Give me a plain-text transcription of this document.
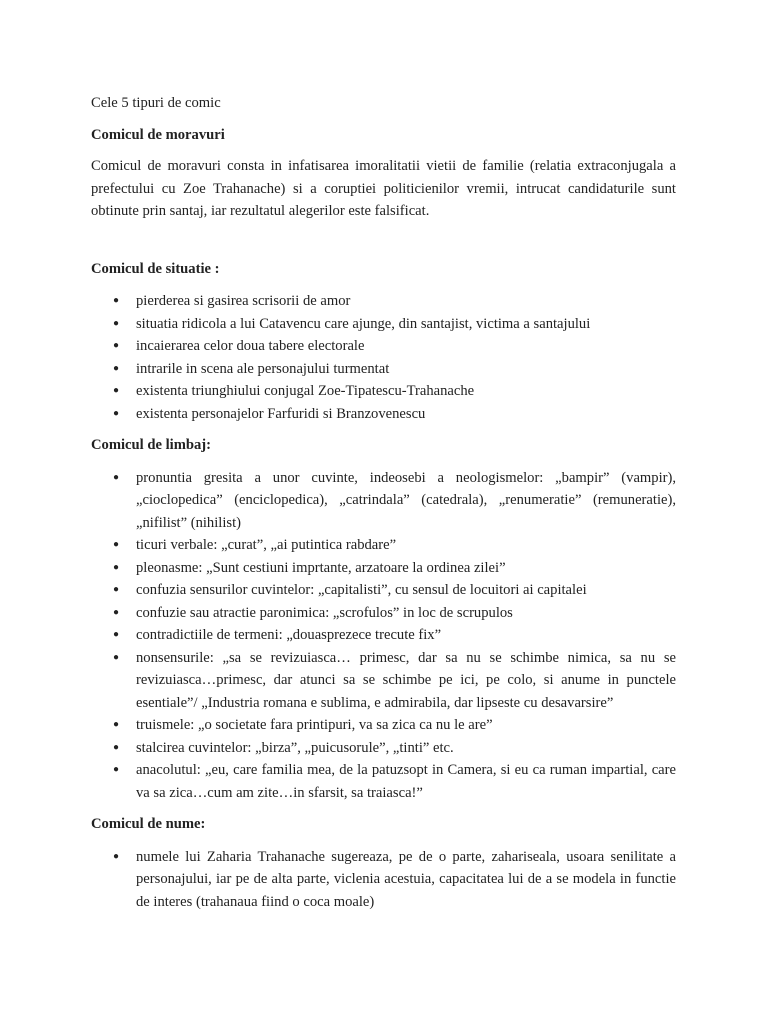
Cele 5 tipuri de comic

Comicul de moravuri

Comicul de moravuri consta in infatisarea imoralitatii vietii de familie (relatia extraconjugala a prefectului cu Zoe Trahanache) si a coruptiei politicienilor vremii, intrucat candidaturile sunt obtinute prin santaj, iar rezultatul alegerilor este falsificat.

Comicul de situatie :
● pierderea si gasirea scrisorii de amor
● situatia ridicola a lui Catavencu care ajunge, din santajist, victima a santajului
● incaierarea celor doua tabere electorale
● intrarile in scena ale personajului turmentat
● existenta triunghiului conjugal Zoe-Tipatescu-Trahanache
● existenta personajelor Farfuridi si Branzovenescu
Comicul de limbaj:
● pronuntia gresita a unor cuvinte, indeosebi a neologismelor: „bampir” (vampir), „cioclopedica” (enciclopedica), „catrindala” (catedrala), „renumeratie” (remuneratie), „nifilist” (nihilist)
● ticuri verbale: „curat”, „ai putintica rabdare”
● pleonasme: „Sunt cestiuni imprtante, arzatoare la ordinea zilei”
● confuzia sensurilor cuvintelor: „capitalisti”, cu sensul de locuitori ai capitalei
● confuzie sau atractie paronimica: „scrofulos” in loc de scrupulos
● contradictiile de termeni: „douasprezece trecute fix”
● nonsensurile: „sa se revizuiasca… primesc, dar sa nu se schimbe nimica, sa nu se revizuiasca…primesc, dar atunci sa se schimbe pe ici, pe colo, si anume in punctele esentiale”/ „Industria romana e sublima, e admirabila, dar lipseste cu desavarsire”
● truismele: „o societate fara printipuri, va sa zica ca nu le are”
● stalcirea cuvintelor: „birza”, „puicusorule”, „tinti” etc.
● anacolutul: „eu, care familia mea, de la patuzsopt in Camera, si eu ca ruman impartial, care va sa zica…cum am zite…in sfarsit, sa traiasca!”
Comicul de nume:
● numele lui Zaharia Trahanache sugereaza, pe de o parte, zahariseala, usoara senilitate a personajului, iar pe de alta parte, viclenia acestuia, capacitatea lui de a se modela in functie de interes (trahanaua fiind o coca moale)
